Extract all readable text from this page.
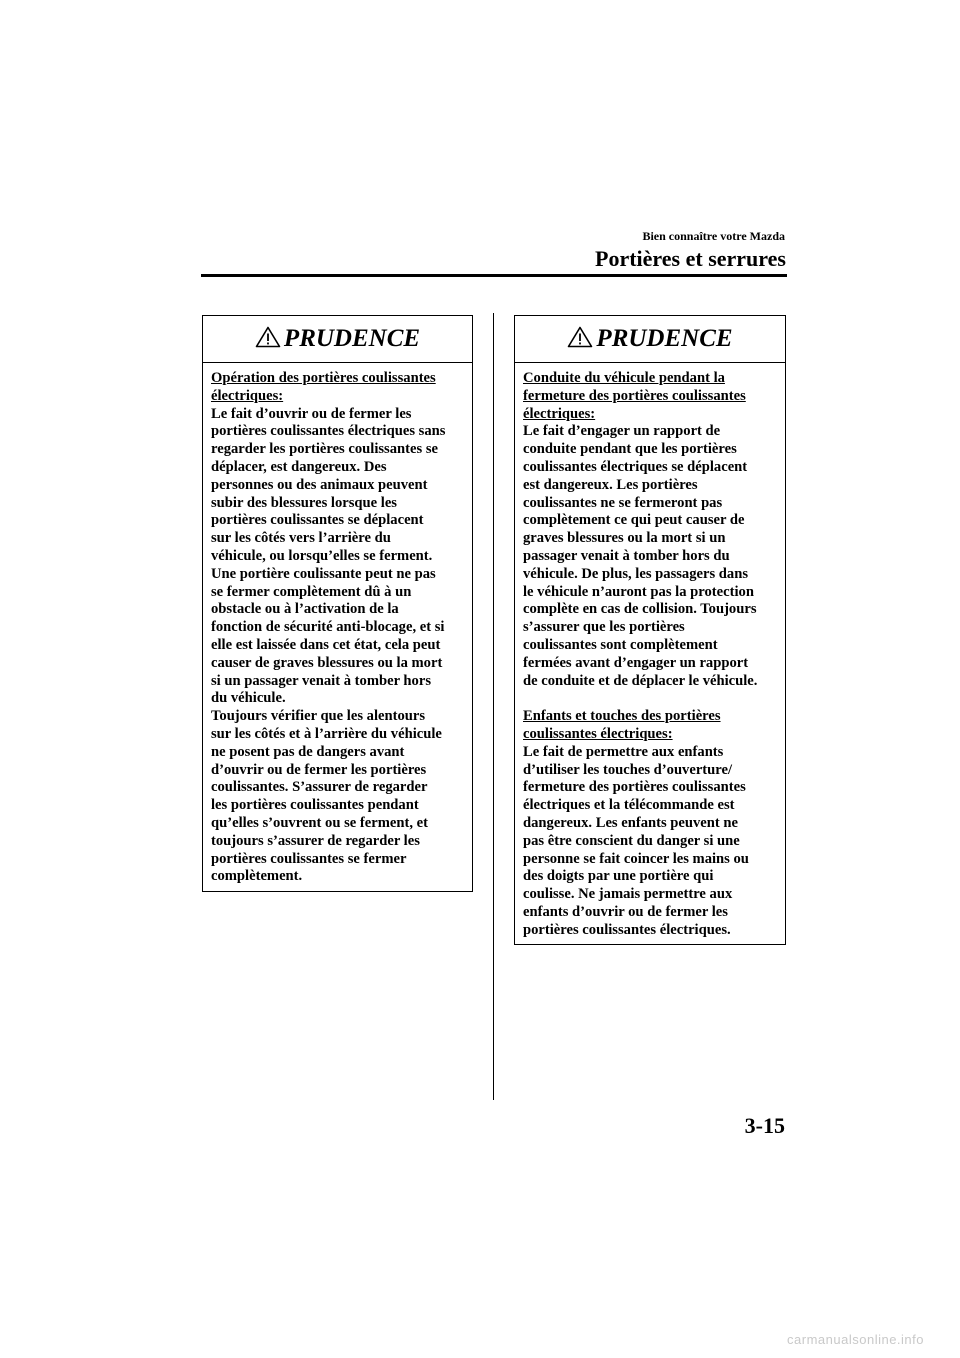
Bien connaître votre Mazda
Portières et serrures
PRUDENCE

Opération des portières coulissantes

électriques:

Le fait d’ouvrir ou de fermer les

portières coulissantes électriques sans

regarder les portières coulissantes se

déplacer, est dangereux. Des

personnes ou des animaux peuvent

subir des blessures lorsque les

portières coulissantes se déplacent

sur les côtés vers l’arrière du

véhicule, ou lorsqu’elles se ferment.

Une portière coulissante peut ne pas

se fermer complètement dû à un

obstacle ou à l’activation de la

fonction de sécurité anti-blocage, et si

elle est laissée dans cet état, cela peut

causer de graves blessures ou la mort

si un passager venait à tomber hors

du véhicule.

Toujours vérifier que les alentours

sur les côtés et à l’arrière du véhicule

ne posent pas de dangers avant

d’ouvrir ou de fermer les portières

coulissantes. S’assurer de regarder

les portières coulissantes pendant

qu’elles s’ouvrent ou se ferment, et

toujours s’assurer de regarder les

portières coulissantes se fermer

complètement.

PRUDENCE

Conduite du véhicule pendant la

fermeture des portières coulissantes

électriques:

Le fait d’engager un rapport de

conduite pendant que les portières

coulissantes électriques se déplacent

est dangereux. Les portières

coulissantes ne se fermeront pas

complètement ce qui peut causer de

graves blessures ou la mort si un

passager venait à tomber hors du

véhicule. De plus, les passagers dans

le véhicule n’auront pas la protection

complète en cas de collision. Toujours

s’assurer que les portières

coulissantes sont complètement

fermées avant d’engager un rapport

de conduite et de déplacer le véhicule.

Enfants et touches des portières

coulissantes électriques:

Le fait de permettre aux enfants

d’utiliser les touches d’ouverture/

fermeture des portières coulissantes

électriques et la télécommande est

dangereux. Les enfants peuvent ne

pas être conscient du danger si une

personne se fait coincer les mains ou

des doigts par une portière qui

coulisse. Ne jamais permettre aux

enfants d’ouvrir ou de fermer les

portières coulissantes électriques.

3-15
carmanualsonline.info
